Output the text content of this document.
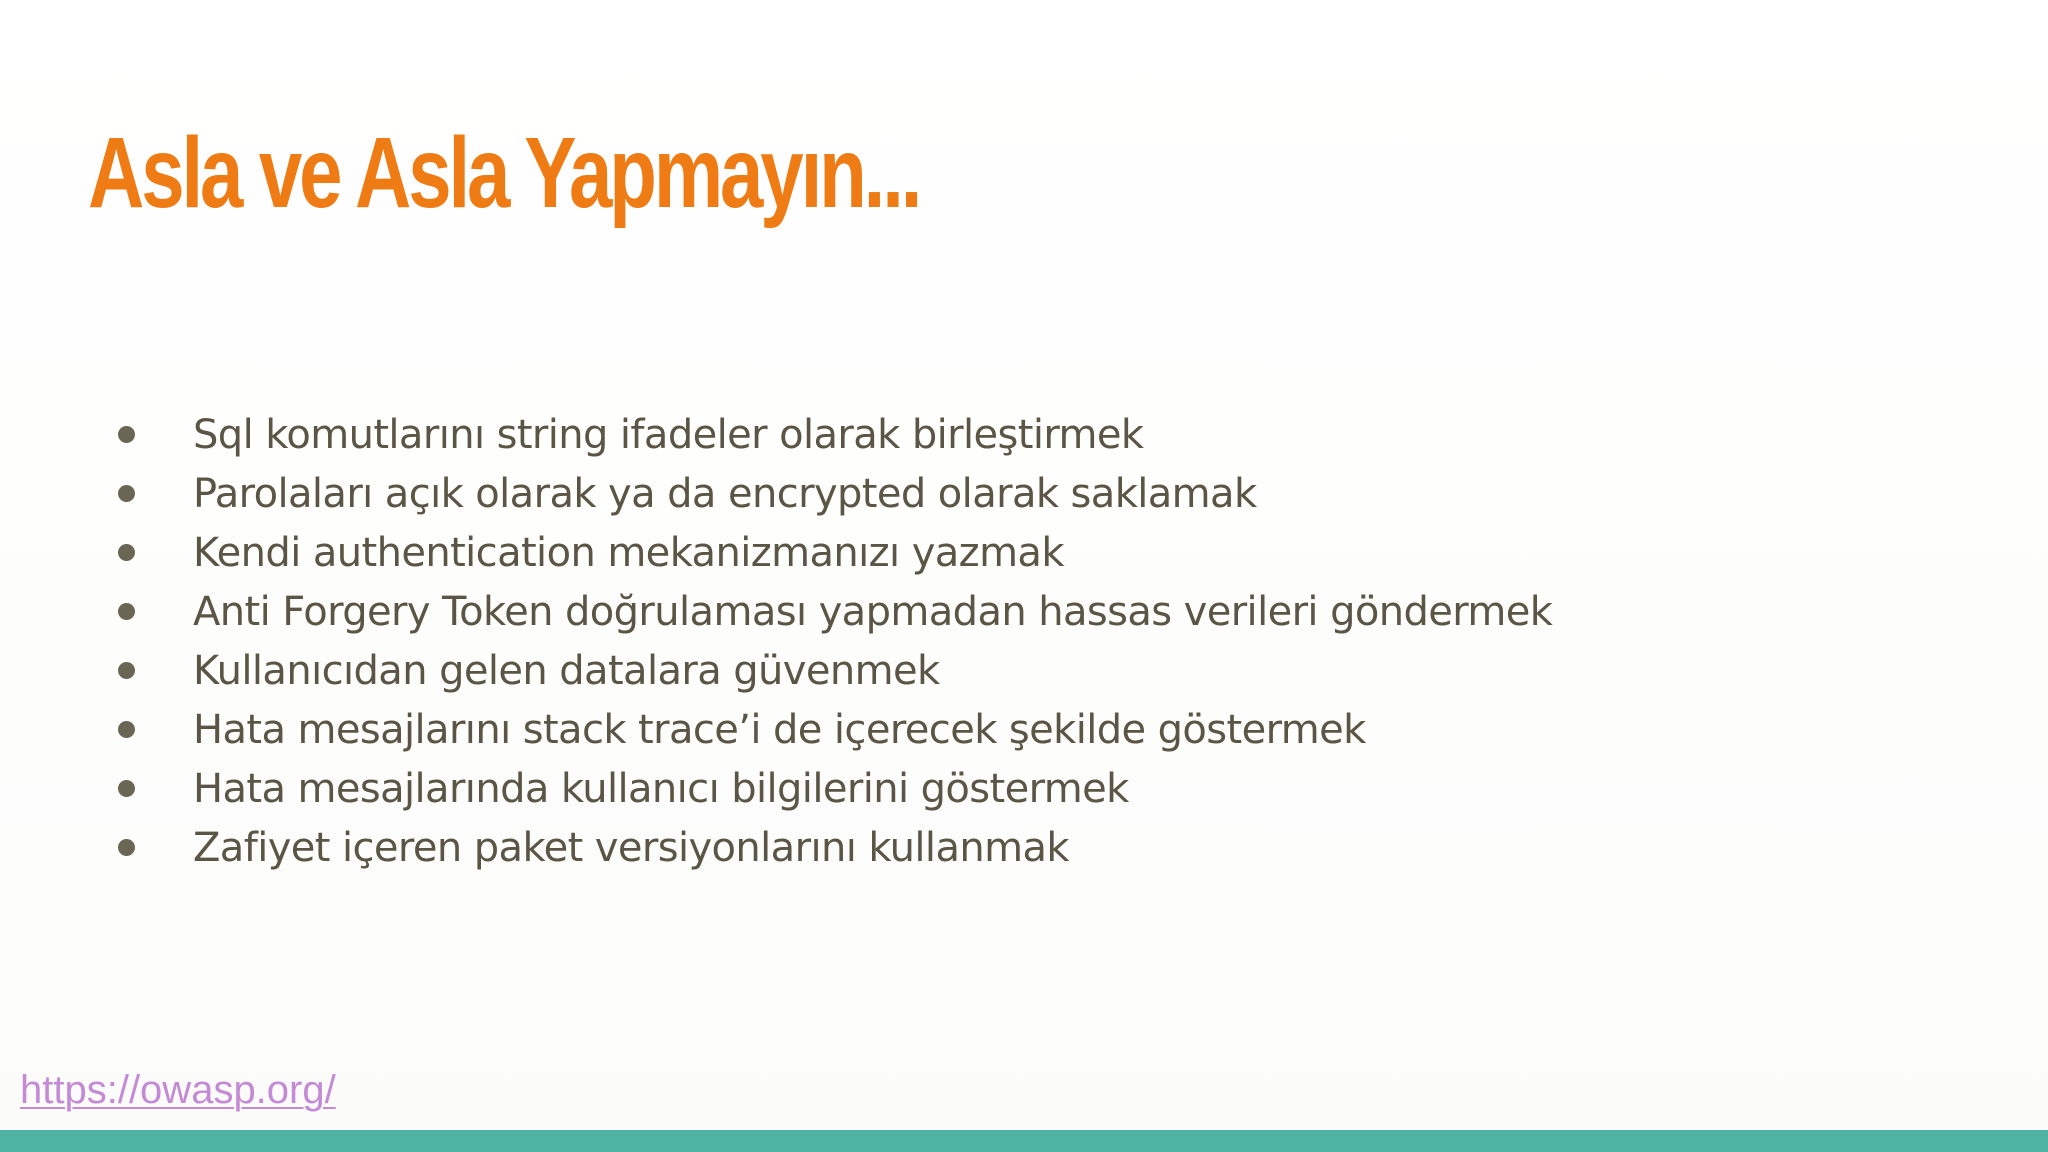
Asla ve Asla Yapmayın...
Sql komutlarını string ifadeler olarak birleştirmek
Parolaları açık olarak ya da encrypted olarak saklamak
Kendi authentication mekanizmanızı yazmak
Anti Forgery Token doğrulaması yapmadan hassas verileri göndermek
Kullanıcıdan gelen datalara güvenmek
Hata mesajlarını stack trace’i de içerecek şekilde göstermek
Hata mesajlarında kullanıcı bilgilerini göstermek
Zafiyet içeren paket versiyonlarını kullanmak
https://owasp.org/
